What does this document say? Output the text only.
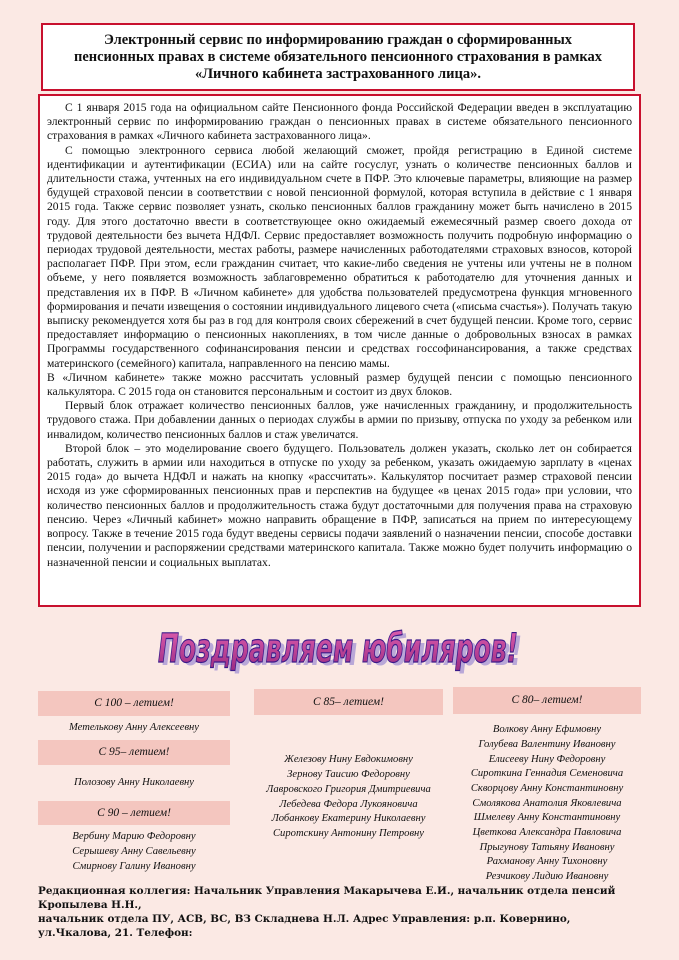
Электронный сервис по информированию граждан о сформированных
пенсионных правах в системе обязательного пенсионного страхования в рамках
«Личного кабинета застрахованного лица».

С 1 января 2015 года на официальном сайте Пенсионного фонда Российской Федерации введен в эксплуатацию электронный сервис по информированию граждан о пенсионных правах в системе обязательного пенсионного страхования в рамках «Личного кабинета застрахованного лица».

С помощью электронного сервиса любой желающий сможет, пройдя регистрацию в Единой системе идентификации и аутентификации (ЕСИА) или на сайте госуслуг, узнать о количестве пенсионных баллов и длительности стажа, учтенных на его индивидуальном счете в ПФР. Это ключевые параметры, влияющие на размер будущей страховой пенсии в соответствии с новой пенсионной формулой, которая вступила в действие с 1 января 2015 года. Также сервис позволяет узнать, сколько пенсионных баллов гражданину может быть начислено в 2015 году. Для этого достаточно ввести в соответствующее окно ожидаемый ежемесячный размер своего дохода от трудовой деятельности без вычета НДФЛ. Сервис предоставляет возможность получить подробную информацию о периодах трудовой деятельности, местах работы, размере начисленных работодателями страховых взносов, которой располагает ПФР. При этом, если гражданин считает, что какие-либо сведения не учтены или учтены не в полном объеме, у него появляется возможность заблаговременно обратиться к работодателю для уточнения данных и представления их в ПФР. В «Личном кабинете» для удобства пользователей предусмотрена функция мгновенного формирования и печати извещения о состоянии индивидуального лицевого счета («письма счастья»). Получать такую выписку рекомендуется хотя бы раз в год для контроля своих сбережений в счет будущей пенсии. Кроме того, сервис предоставляет информацию о пенсионных накоплениях, в том числе данные о добровольных взносах в рамках Программы государственного софинансирования пенсии и средствах госсофинансирования, а также средствах материнского (семейного) капитала, направленного на пенсию мамы.

В «Личном кабинете» также можно рассчитать условный размер будущей пенсии с помощью пенсионного калькулятора. С 2015 года он становится персональным и состоит из двух блоков.

Первый блок отражает количество пенсионных баллов, уже начисленных гражданину, и продолжительность трудового стажа. При добавлении данных о периодах службы в армии по призыву, отпуска по уходу за ребенком или инвалидом, количество пенсионных баллов и стаж увеличатся.

Второй блок – это моделирование своего будущего. Пользователь должен указать, сколько лет он собирается работать, служить в армии или находиться в отпуске по уходу за ребенком, указать ожидаемую зарплату в «ценах 2015 года» до вычета НДФЛ и нажать на кнопку «рассчитать». Калькулятор посчитает размер страховой пенсии исходя из уже сформированных пенсионных прав и перспектив на будущее «в ценах 2015 года» при условии, что количество пенсионных баллов и продолжительность стажа будут достаточными для получения права на страховую пенсию. Через «Личный кабинет» можно направить обращение в ПФР, записаться на прием по интересующему вопросу. Также в течение 2015 года будут введены сервисы подачи заявлений о назначении пенсии, способе доставки пенсии, получении и распоряжении средствами материнского капитала. Также можно будет получить информацию о назначенной пенсии и социальных выплатах.

Поздравляем юбиляров!
Поздравляем юбиляров!
С 100 – летием!
Метелькову Анну Алексеевну
С 95– летием!
Полозову Анну Николаевну
С 90 – летием!
Вербину Марию Федоровну
Серышеву Анну Савельевну
Смирнову Галину Ивановну
С 85– летием!
Железову Нину Евдокимовну
Зернову Таисию Федоровну
Лавровского Григория Дмитриевича
Лебедева Федора Лукояновича
Лобанкову Екатерину Николаевну
Сиротскину Антонину Петровну
С 80– летием!
Волкову Анну Ефимовну
Голубева Валентину Ивановну
Елисееву Нину Федоровну
Сироткина Геннадия Семеновича
Скворцову Анну Константиновну
Смолякова Анатолия Яковлевича
Шмелеву Анну Константиновну
Цветкова Александра Павловича
Прыгунову Татьяну Ивановну
Рахманову Анну Тихоновну
Резчикову Лидию Ивановну
Редакционная коллегия: Начальник Управления Макарычева Е.И., начальник отдела пенсий Кропылева Н.Н.,
начальник отдела ПУ, АСВ, ВС, ВЗ Складнева Н.Л. Адрес Управления: р.п. Ковернино, ул.Чкалова, 21. Телефон:
